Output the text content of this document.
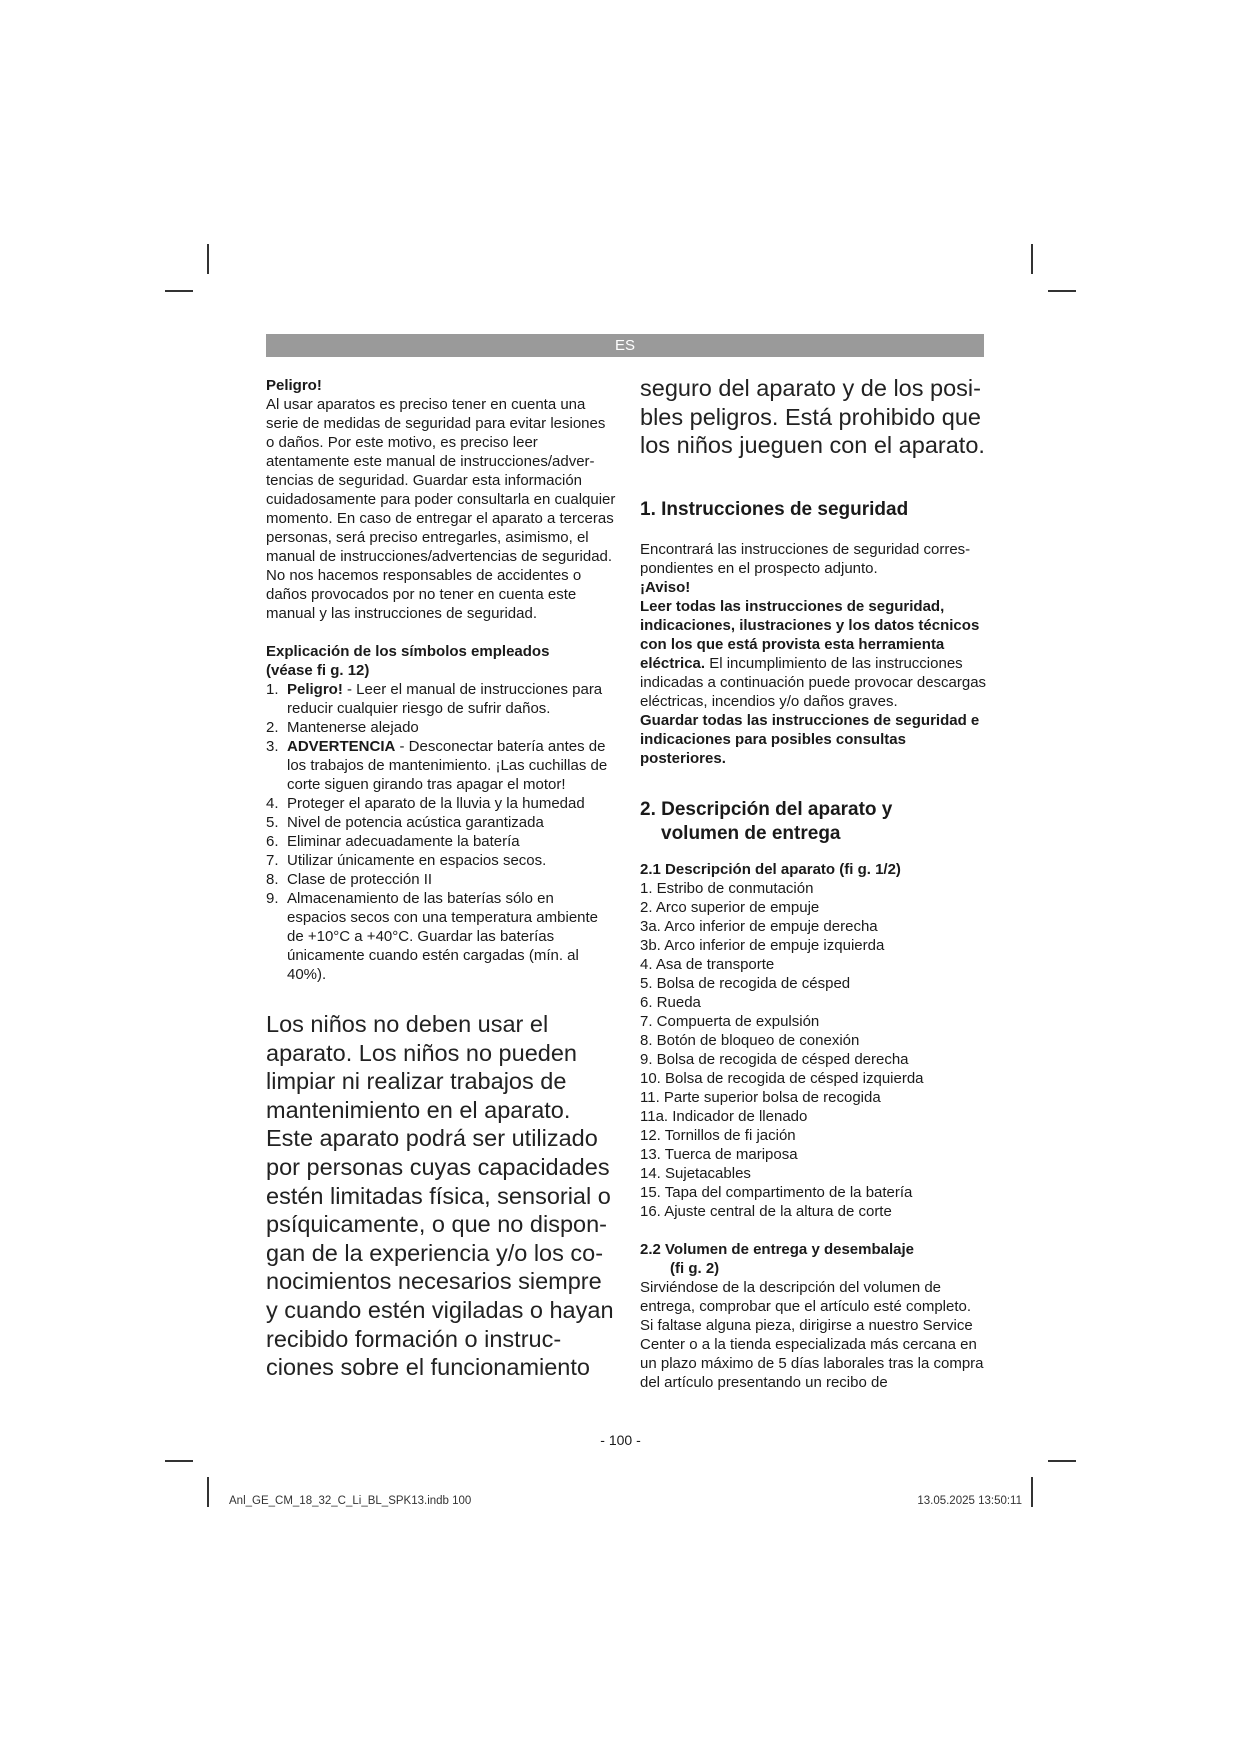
ES

Peligro!

Al usar aparatos es preciso tener en cuenta una serie de medidas de seguridad para evitar lesiones o daños. Por este motivo, es preciso leer atentamente este manual de instrucciones/advertencias de seguridad. Guardar esta información cuidadosamente para poder consultarla en cualquier momento. En caso de entregar el aparato a terceras personas, será preciso entregarles, asimismo, el manual de instrucciones/advertencias de seguridad. No nos hacemos responsables de accidentes o daños provocados por no tener en cuenta este manual y las instrucciones de seguridad.

Explicación de los símbolos empleados
(véase fi g. 12)
1. Peligro! - Leer el manual de instrucciones para reducir cualquier riesgo de sufrir daños.
2. Mantenerse alejado
3. ADVERTENCIA - Desconectar batería antes de los trabajos de mantenimiento. ¡Las cuchillas de corte siguen girando tras apagar el motor!
4. Proteger el aparato de la lluvia y la humedad
5. Nivel de potencia acústica garantizada
6. Eliminar adecuadamente la batería
7. Utilizar únicamente en espacios secos.
8. Clase de protección II
9. Almacenamiento de las baterías sólo en espacios secos con una temperatura ambiente de +10°C a +40°C. Guardar las baterías únicamente cuando estén cargadas (mín. al 40%).

Los niños no deben usar el aparato. Los niños no pueden limpiar ni realizar trabajos de mantenimiento en el aparato. Este aparato podrá ser utilizado por personas cuyas capacidades estén limitadas física, sensorial o psíquicamente, o que no dispongan de la experiencia y/o los conocimientos necesarios siempre y cuando estén vigiladas o hayan recibido formación o instrucciones sobre el funcionamiento

seguro del aparato y de los posibles peligros. Está prohibido que los niños jueguen con el aparato.

1. Instrucciones de seguridad

Encontrará las instrucciones de seguridad correspondientes en el prospecto adjunto.

¡Aviso!

Leer todas las instrucciones de seguridad, indicaciones, ilustraciones y los datos técnicos con los que está provista esta herramienta eléctrica. El incumplimiento de las instrucciones indicadas a continuación puede provocar descargas eléctricas, incendios y/o daños graves.

Guardar todas las instrucciones de seguridad e indicaciones para posibles consultas posteriores.

2. Descripción del aparato y
volumen de entrega
2.1 Descripción del aparato (fi g. 1/2)
1. Estribo de conmutación
2. Arco superior de empuje
3a. Arco inferior de empuje derecha
3b. Arco inferior de empuje izquierda
4. Asa de transporte
5. Bolsa de recogida de césped
6. Rueda
7. Compuerta de expulsión
8. Botón de bloqueo de conexión
9. Bolsa de recogida de césped derecha
10. Bolsa de recogida de césped izquierda
11. Parte superior bolsa de recogida
11a. Indicador de llenado
12. Tornillos de fi jación
13. Tuerca de mariposa
14. Sujetacables
15. Tapa del compartimento de la batería
16. Ajuste central de la altura de corte
2.2 Volumen de entrega y desembalaje
(fi g. 2)

Sirviéndose de la descripción del volumen de entrega, comprobar que el artículo esté completo. Si faltase alguna pieza, dirigirse a nuestro Service Center o a la tienda especializada más cercana en un plazo máximo de 5 días laborales tras la compra del artículo presentando un recibo de

- 100 -
Anl_GE_CM_18_32_C_Li_BL_SPK13.indb 100	13.05.2025 13:50:11
